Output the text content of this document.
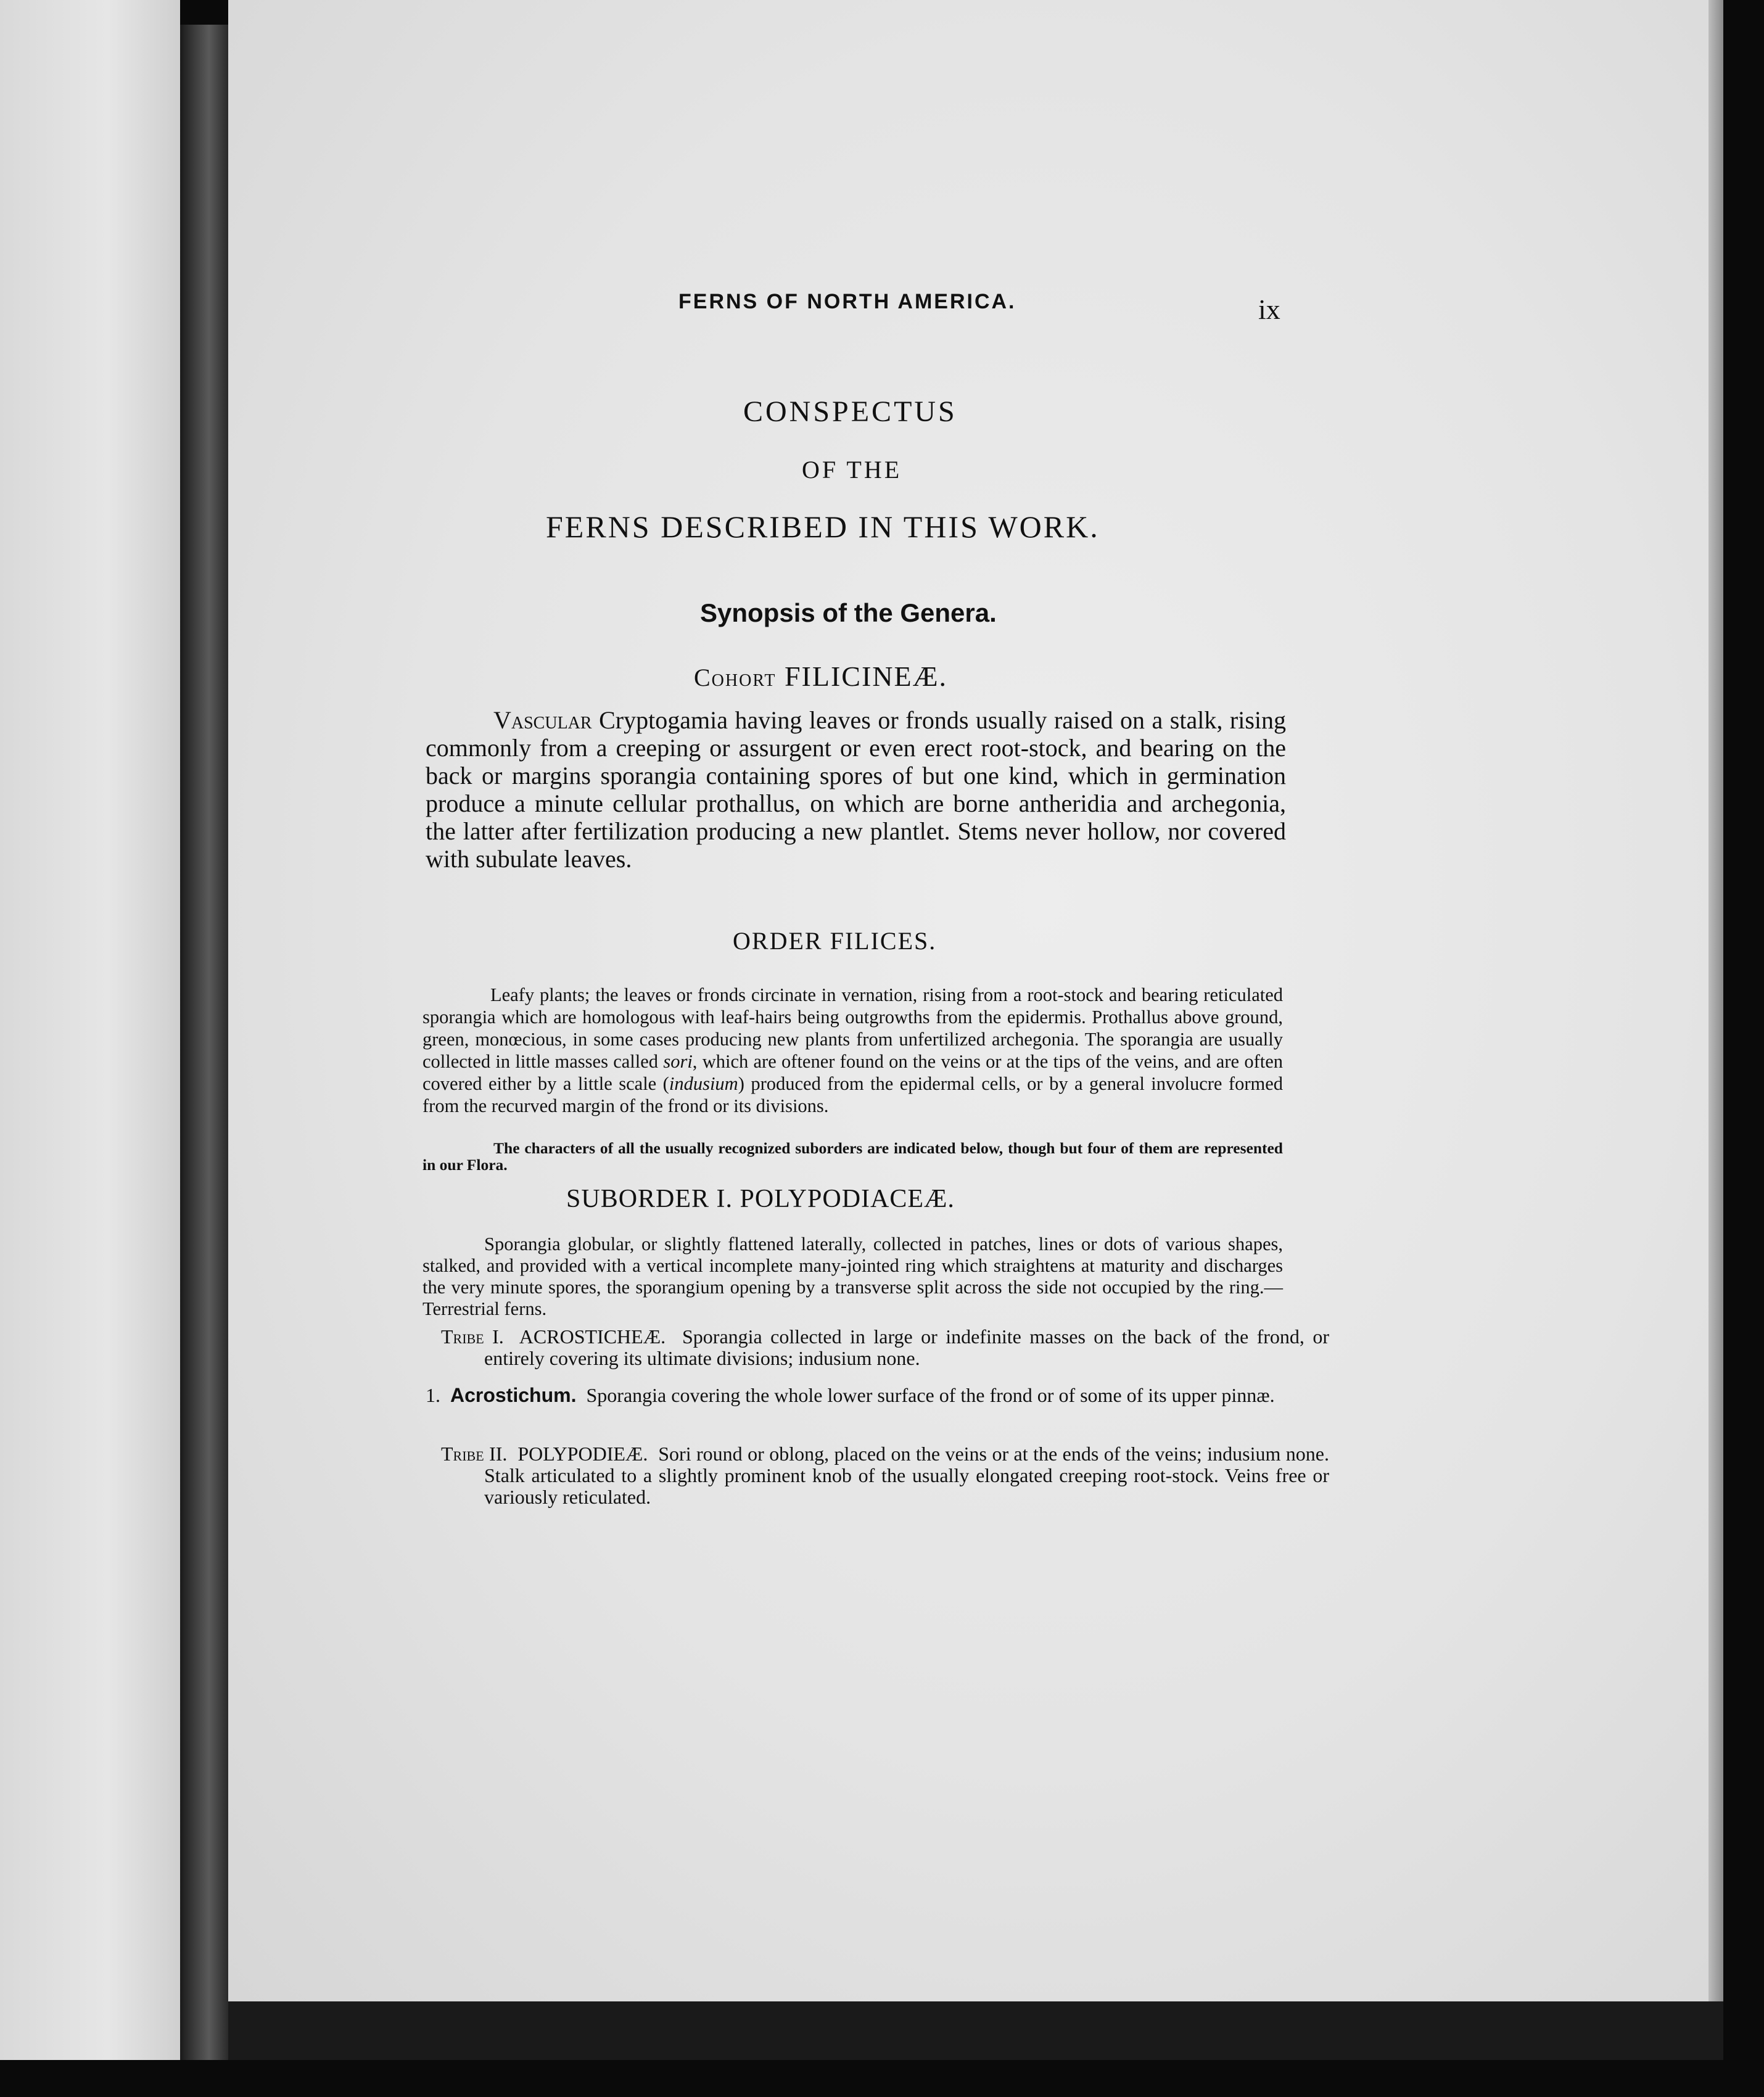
FERNS OF NORTH AMERICA.	ix

CONSPECTUS

OF THE

FERNS DESCRIBED IN THIS WORK.

Synopsis of the Genera.

Cohort FILICINEÆ.

Vascular Cryptogamia having leaves or fronds usually raised on a stalk, rising commonly from a creeping or assurgent or even erect root-stock, and bearing on the back or margins sporangia containing spores of but one kind, which in germination produce a minute cellular prothallus, on which are borne antheridia and archegonia, the latter after fertilization producing a new plantlet. Stems never hollow, nor covered with subulate leaves.

ORDER FILICES.

Leafy plants; the leaves or fronds circinate in vernation, rising from a root-stock and bearing reticulated sporangia which are homologous with leaf-hairs being outgrowths from the epidermis. Prothallus above ground, green, monœcious, in some cases producing new plants from unfertilized archegonia. The sporangia are usually collected in little masses called sori, which are oftener found on the veins or at the tips of the veins, and are often covered either by a little scale (indusium) produced from the epidermal cells, or by a general involucre formed from the recurved margin of the frond or its divisions.

The characters of all the usually recognized suborders are indicated below, though but four of them are represented in our Flora.

SUBORDER I. POLYPODIACEÆ.

Sporangia globular, or slightly flattened laterally, collected in patches, lines or dots of various shapes, stalked, and provided with a vertical incomplete many-jointed ring which straightens at maturity and discharges the very minute spores, the sporangium opening by a transverse split across the side not occupied by the ring.—Terrestrial ferns.

Tribe I. ACROSTICHEÆ. Sporangia collected in large or indefinite masses on the back of the frond, or entirely covering its ultimate divisions; indusium none.

1. Acrostichum. Sporangia covering the whole lower surface of the frond or of some of its upper pinnæ.

Tribe II. POLYPODIEÆ. Sori round or oblong, placed on the veins or at the ends of the veins; indusium none. Stalk articulated to a slightly prominent knob of the usually elongated creeping root-stock. Veins free or variously reticulated.
